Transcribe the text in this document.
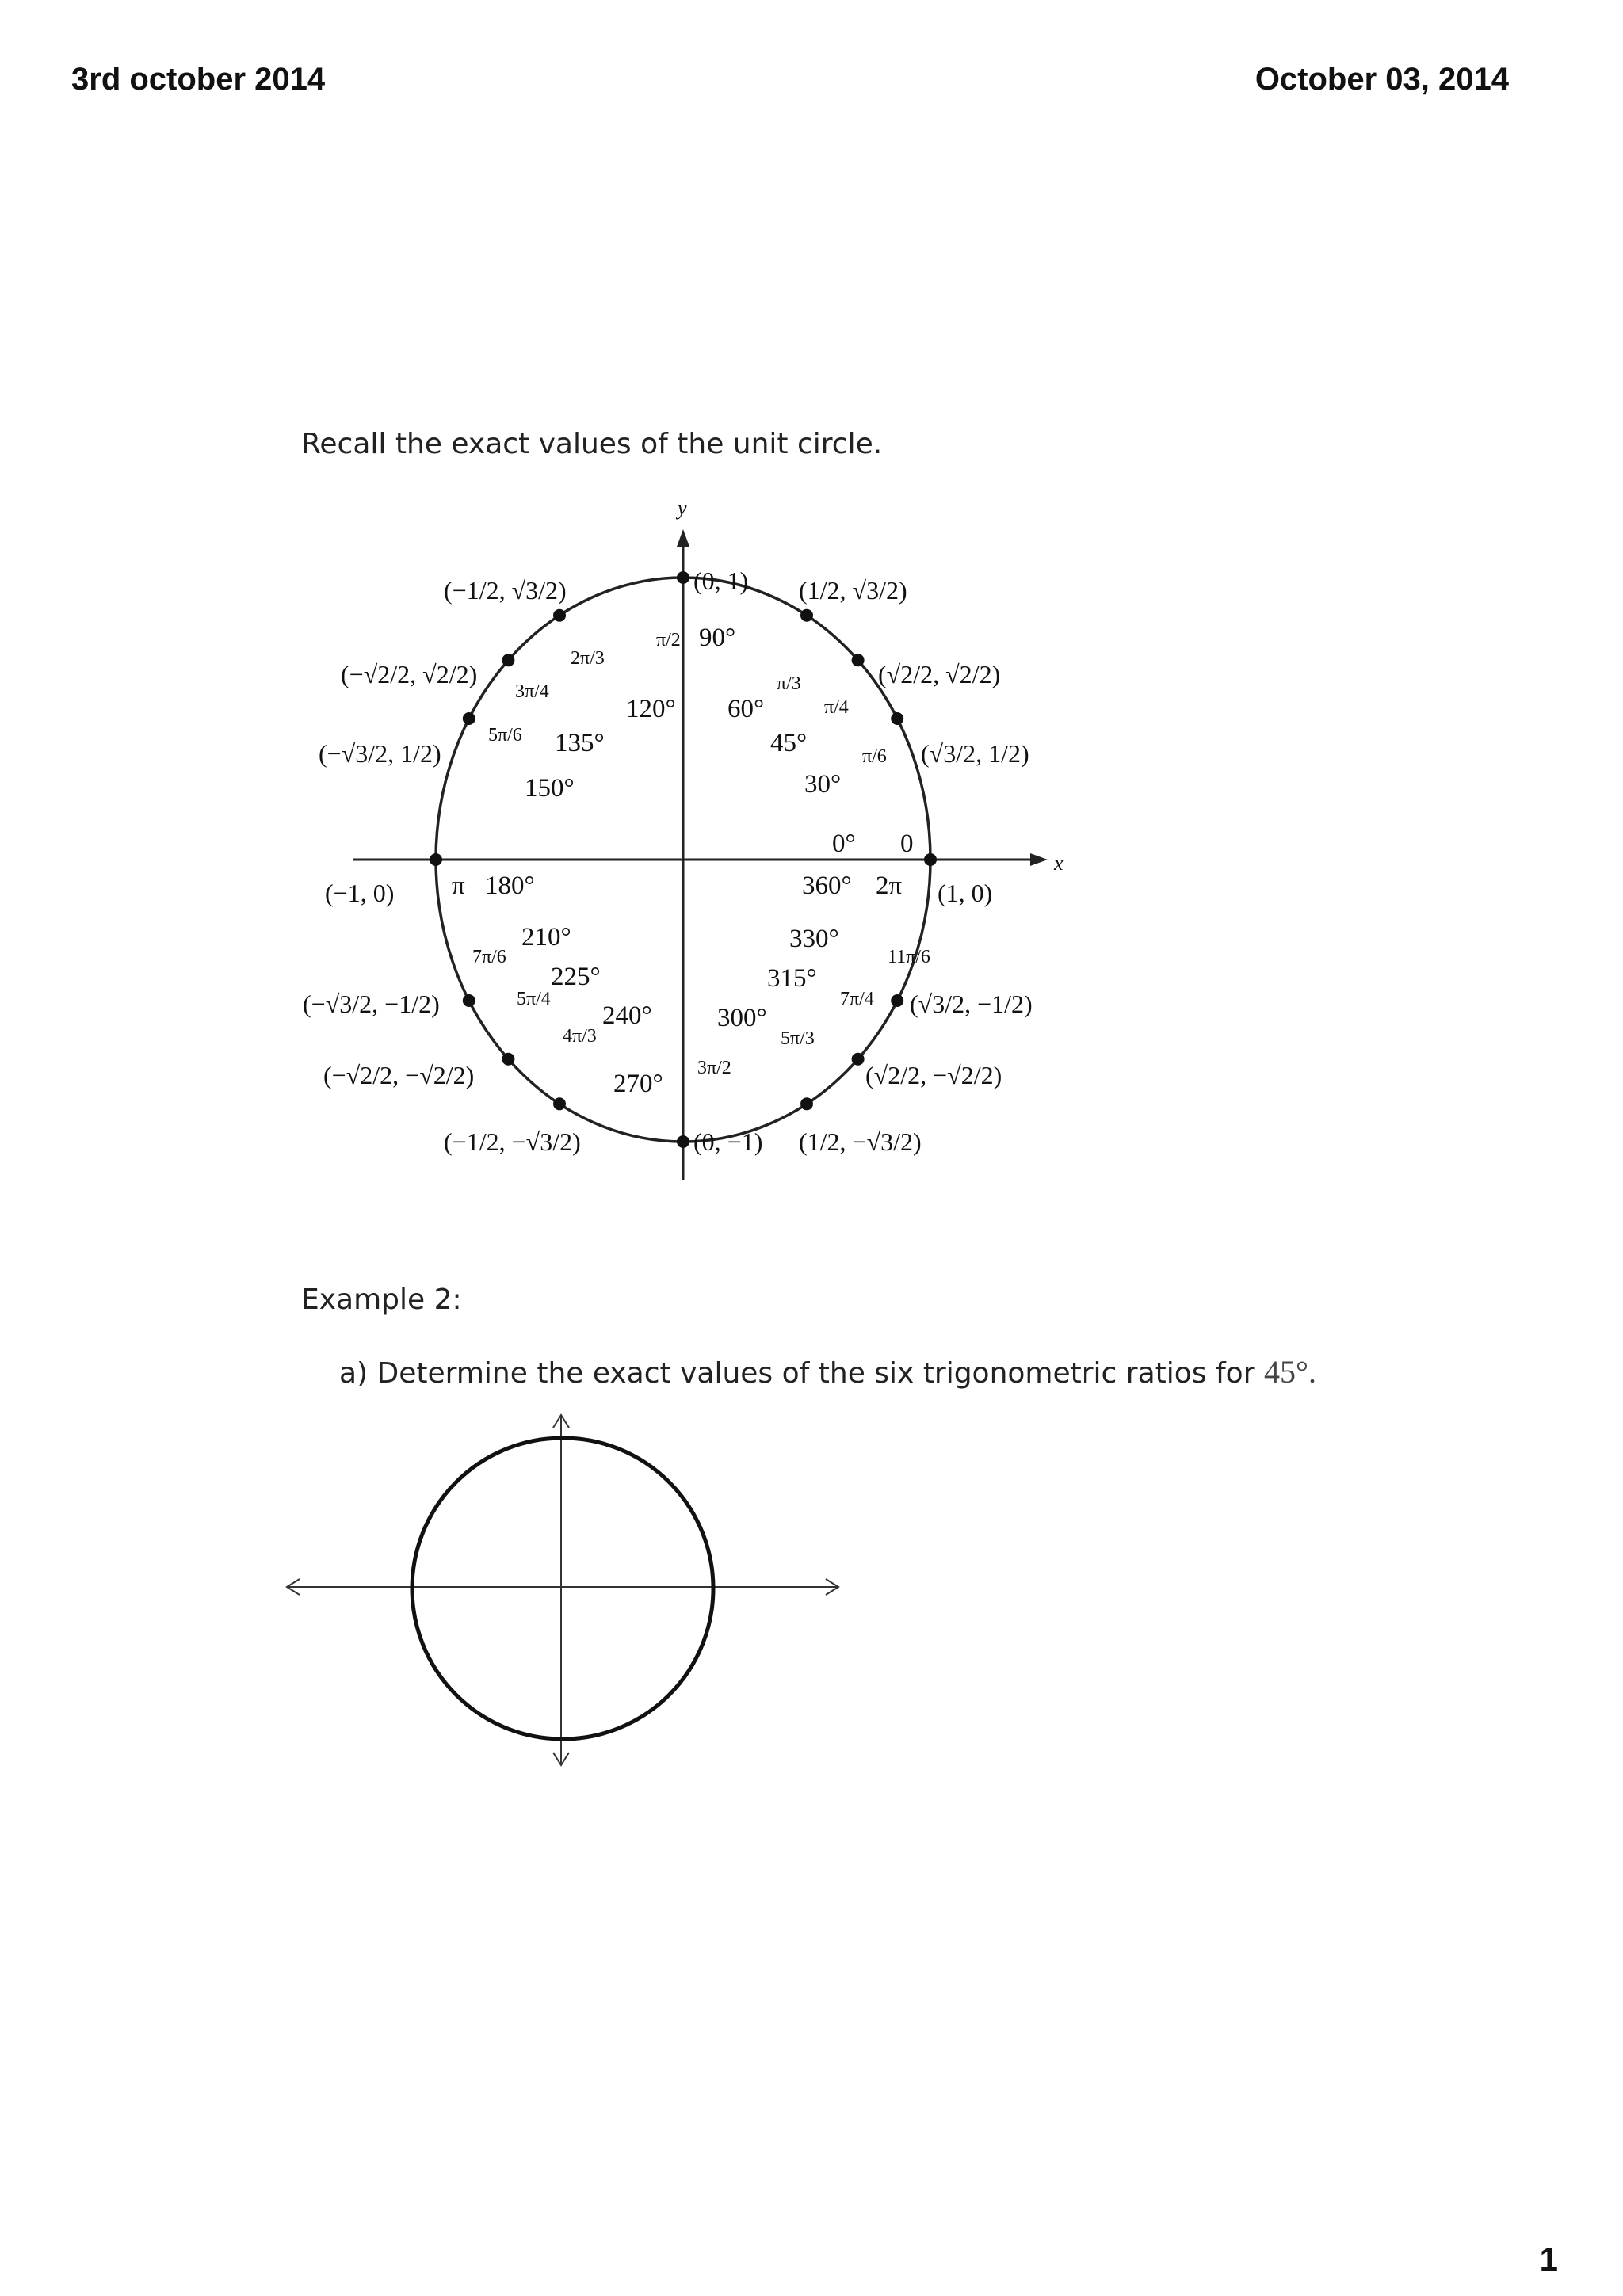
3rd october 2014	October 03, 2014
Recall the exact values of the unit circle.
x
y
(0, 1) (1/2, √3/2)
(√2/2, √2/2)
(√3/2, 1/2)
(1, 0)
(√3/2, −1/2)
(√2/2, −√2/2)
(1/2, −√3/2)
(0, −1)
(−1/2, −√3/2)
(−√2/2, −√2/2)
(−√3/2, −1/2)
(−1, 0)
(−√3/2, 1/2)
(−√2/2, √2/2)
(−1/2, √3/2)
90°
60°
45°
30°
0° 0
360° 2π
330°
315°
300°
270°
240°
225°
210°
π 180°
150°
135°
120°
π/2
π/3
π/4
π/6
11π/6
7π/4
5π/3
3π/2
4π/3
5π/4
7π/6
5π/6
3π/4
2π/3
Example 2:
a) Determine the exact values of the six trigonometric ratios for 45°.
1
